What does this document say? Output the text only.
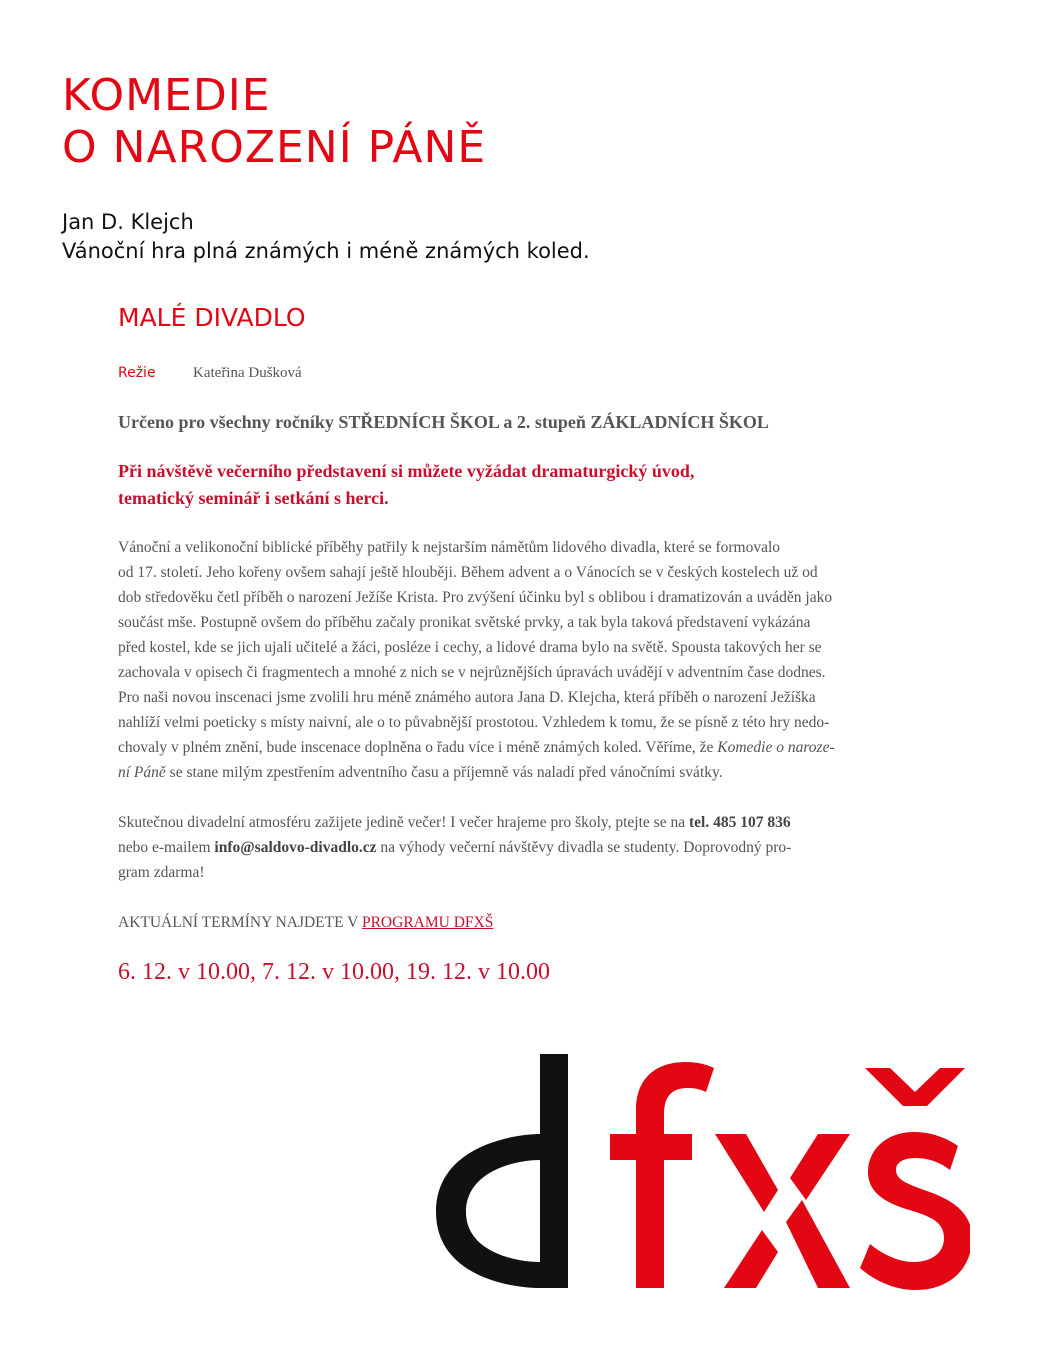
KOMEDIE
O NAROZENÍ PÁNĚ
Jan D. Klejch
Vánoční hra plná známých i méně známých koled.
MALÉ DIVADLO
Režie Kateřina Dušková
Určeno pro všechny ročníky STŘEDNÍCH ŠKOL a 2. stupeň ZÁKLADNÍCH ŠKOL
Při návštěvě večerního představení si můžete vyžádat dramaturgický úvod,
tematický seminář i setkání s herci.
Vánoční a velikonoční biblické příběhy patřily k nejstarším námětům lidového divadla, které se formovalo
od 17. století. Jeho kořeny ovšem sahají ještě hlouběji. Během advent a o Vánocích se v českých kostelech už od
dob středověku četl příběh o narození Ježíše Krista. Pro zvýšení účinku byl s oblibou i dramatizován a uváděn jako
součást mše. Postupně ovšem do příběhu začaly pronikat světské prvky, a tak byla taková představení vykázána
před kostel, kde se jich ujali učitelé a žáci, posléze i cechy, a lidové drama bylo na světě. Spousta takových her se
zachovala v opisech či fragmentech a mnohé z nich se v nejrůznějších úpravách uvádějí v adventním čase dodnes.
Pro naši novou inscenaci jsme zvolili hru méně známého autora Jana D. Klejcha, která příběh o narození Ježíška
nahlíží velmi poeticky s místy naivní, ale o to půvabnější prostotou. Vzhledem k tomu, že se písně z této hry nedo-
chovaly v plném znění, bude inscenace doplněna o řadu více i méně známých koled. Věříme, že Komedie o naroze-
ní Páně se stane milým zpestřením adventního času a příjemně vás naladí před vánočními svátky.
Skutečnou divadelní atmosféru zažijete jedině večer! I večer hrajeme pro školy, ptejte se na tel. 485 107 836
nebo e-mailem info@saldovo-divadlo.cz na výhody večerní návštěvy divadla se studenty. Doprovodný pro-
gram zdarma!
AKTUÁLNÍ TERMÍNY NAJDETE V PROGRAMU DFXŠ
6. 12. v 10.00, 7. 12. v 10.00, 19. 12. v 10.00
